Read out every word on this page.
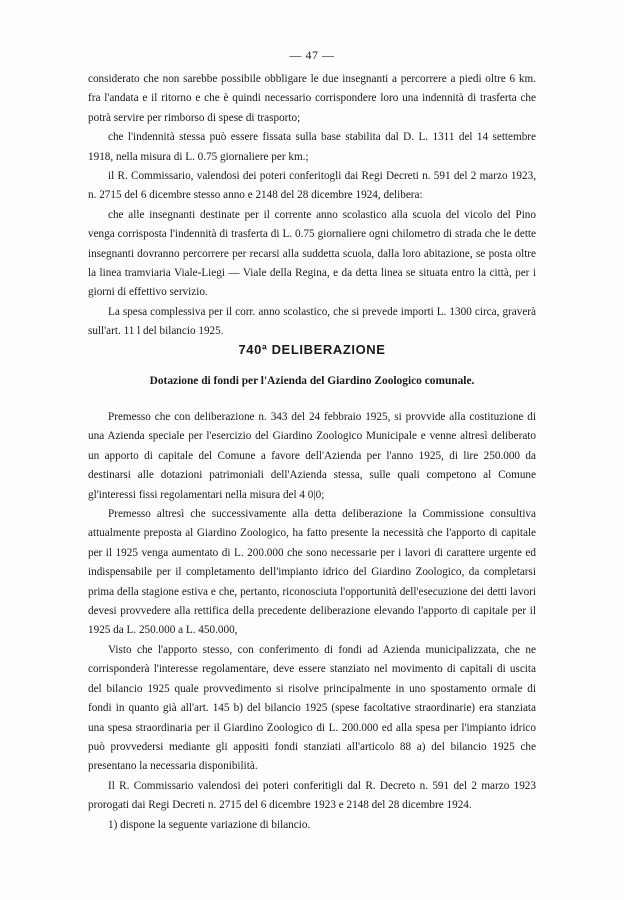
— 47 —

considerato che non sarebbe possibile obbligare le due insegnanti a percorrere a piedi oltre 6 km. fra l'andata e il ritorno e che è quindi necessario corrispondere loro una indennità di trasferta che potrà servire per rimborso di spese di trasporto;

che l'indennità stessa può essere fissata sulla base stabilita dal D. L. 1311 del 14 settembre 1918, nella misura di L. 0.75 giornaliere per km.;

il R. Commissario, valendosi dei poteri conferitogli dai Regi Decreti n. 591 del 2 marzo 1923, n. 2715 del 6 dicembre stesso anno e 2148 del 28 dicembre 1924, delibera:

che alle insegnanti destinate per il corrente anno scolastico alla scuola del vicolo del Pino venga corrisposta l'indennità di trasferta di L. 0.75 giornaliere ogni chilometro di strada che le dette insegnanti dovranno percorrere per recarsi alla suddetta scuola, dalla loro abitazione, se posta oltre la linea tramviaria Viale-Liegi — Viale della Regina, e da detta linea se situata entro la città, per i giorni di effettivo servizio.

La spesa complessiva per il corr. anno scolastico, che si prevede importi L. 1300 circa, graverà sull'art. 11 l del bilancio 1925.

740ª DELIBERAZIONE
Dotazione di fondi per l'Azienda del Giardino Zoologico comunale.

Premesso che con deliberazione n. 343 del 24 febbraio 1925, si provvide alla costituzione di una Azienda speciale per l'esercizio del Giardino Zoologico Municipale e venne altresì deliberato un apporto di capitale del Comune a favore dell'Azienda per l'anno 1925, di lire 250.000 da destinarsi alle dotazioni patrimoniali dell'Azienda stessa, sulle quali competono al Comune gl'interessi fissi regolamentari nella misura del 4 0|0;

Premesso altresì che successivamente alla detta deliberazione la Commissione consultiva attualmente preposta al Giardino Zoologico, ha fatto presente la necessità che l'apporto di capitale per il 1925 venga aumentato di L. 200.000 che sono necessarie per i lavori di carattere urgente ed indispensabile per il completamento dell'impianto idrico del Giardino Zoologico, da completarsi prima della stagione estiva e che, pertanto, riconosciuta l'opportunità dell'esecuzione dei detti lavori devesi provvedere alla rettifica della precedente deliberazione elevando l'apporto di capitale per il 1925 da L. 250.000 a L. 450.000,

Visto che l'apporto stesso, con conferimento di fondi ad Azienda municipalizzata, che ne corrisponderà l'interesse regolamentare, deve essere stanziato nel movimento di capitali di uscita del bilancio 1925 quale provvedimento si risolve principalmente in uno spostamento ormale di fondi in quanto già all'art. 145 b) del bilancio 1925 (spese facoltative straordinarie) era stanziata una spesa straordinaria per il Giardino Zoologico di L. 200.000 ed alla spesa per l'impianto idrico può provvedersi mediante gli appositi fondi stanziati all'articolo 88 a) del bilancio 1925 che presentano la necessaria disponibilità.

Il R. Commissario valendosi dei poteri conferitigli dal R. Decreto n. 591 del 2 marzo 1923 prorogati dai Regi Decreti n. 2715 del 6 dicembre 1923 e 2148 del 28 dicembre 1924.

1) dispone la seguente variazione di bilancio.
